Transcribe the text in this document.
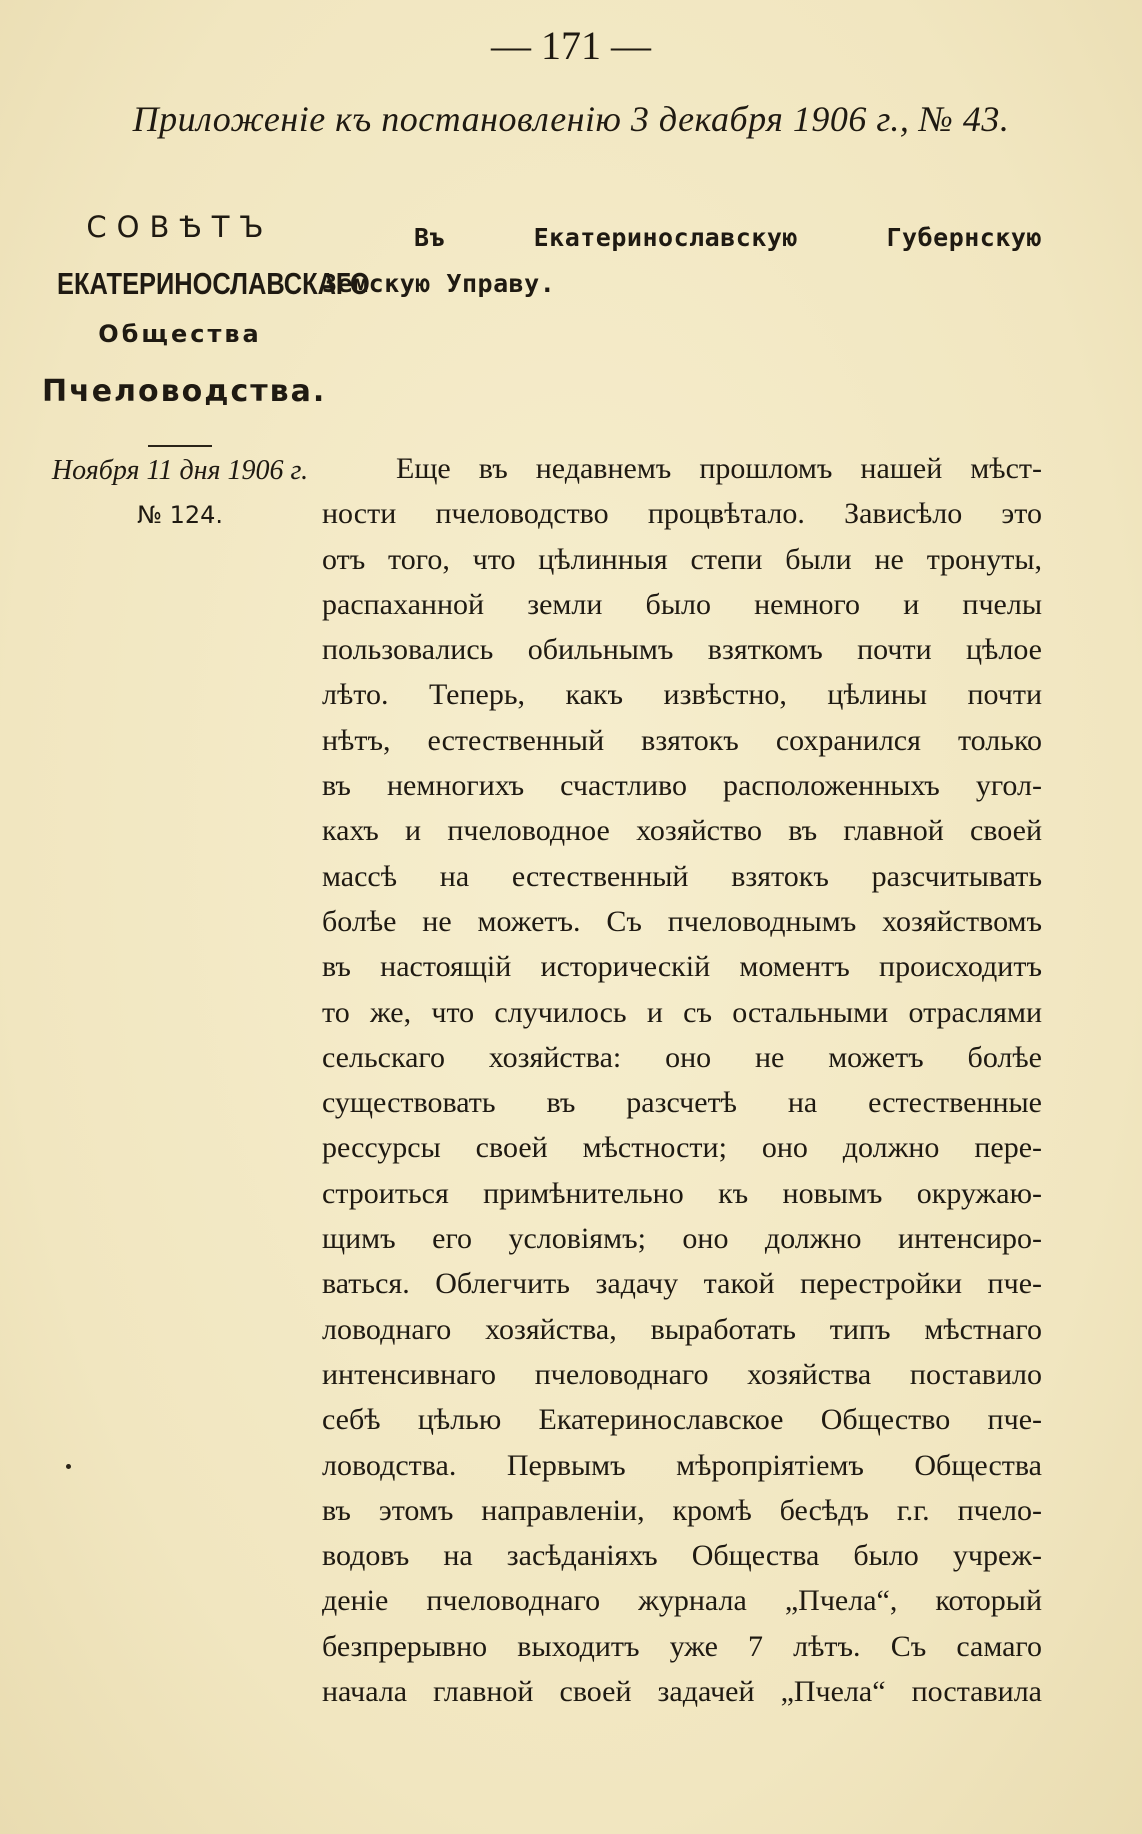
— 171 —
Приложеніе къ постановленію 3 декабря 1906 г., № 43.
СОВѢТЪ
ЕКАТЕРИНОСЛАВСКАГО
Общества
Пчеловодства.
Ноября 11 дня 1906 г.
№ 124.
Въ Екатеринославскую Губернскую
Земскую Управу.
Еще въ недавнемъ прошломъ нашей мѣст-
ности пчеловодство процвѣтало. Зависѣло это
отъ того, что цѣлинныя степи были не тронуты,
распаханной земли было немного и пчелы
пользовались обильнымъ взяткомъ почти цѣлое
лѣто. Теперь, какъ извѣстно, цѣлины почти
нѣтъ, естественный взятокъ сохранился только
въ немногихъ счастливо расположенныхъ угол-
кахъ и пчеловодное хозяйство въ главной своей
массѣ на естественный взятокъ разсчитывать
болѣе не можетъ. Съ пчеловоднымъ хозяйствомъ
въ настоящій историческій моментъ происходитъ
то же, что случилось и съ остальными отраслями
сельскаго хозяйства: оно не можетъ болѣе
существовать въ разсчетѣ на естественные
рессурсы своей мѣстности; оно должно пере-
строиться примѣнительно къ новымъ окружаю-
щимъ его условіямъ; оно должно интенсиро-
ваться. Облегчить задачу такой перестройки пче-
ловоднаго хозяйства, выработать типъ мѣстнаго
интенсивнаго пчеловоднаго хозяйства поставило
себѣ цѣлью Екатеринославское Общество пче-
ловодства. Первымъ мѣропріятіемъ Общества
въ этомъ направленіи, кромѣ бесѣдъ г.г. пчело-
водовъ на засѣданіяхъ Общества было учреж-
деніе пчеловоднаго журнала „Пчела“, который
безпрерывно выходитъ уже 7 лѣтъ. Съ самаго
начала главной своей задачей „Пчела“ поставила
